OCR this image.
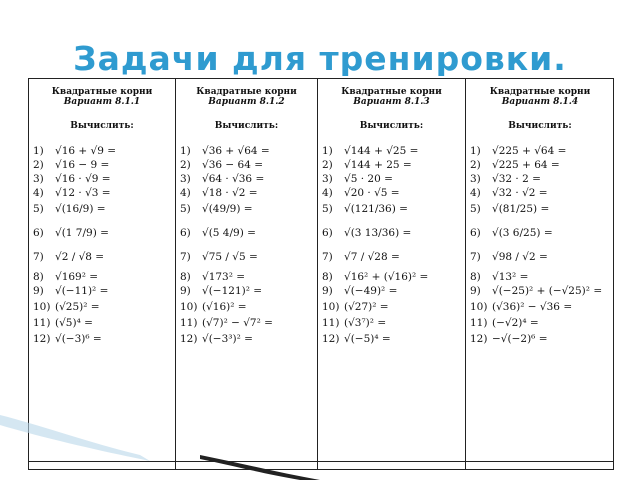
Задачи для тренировки.
Квадратные корни
Вариант 8.1.1
Вычислить:
1) √16 + √9 =
2) √16 − 9 =
3) √16 · √9 =
4) √12 · √3 =
5) √(16/9) =
6) √(1 7/9) =
7) √2 / √8 =
8) √169² =
9) √(−11)² =
10) (√25)² =
11) (√5)⁴ =
12) √(−3)⁶ =
Квадратные корни
Вариант 8.1.2
Вычислить:
1) √36 + √64 =
2) √36 − 64 =
3) √64 · √36 =
4) √18 · √2 =
5) √(49/9) =
6) √(5 4/9) =
7) √75 / √5 =
8) √173² =
9) √(−121)² =
10) (√16)² =
11) (√7)² − √7² =
12) √(−3³)² =
Квадратные корни
Вариант 8.1.3
Вычислить:
1) √144 + √25 =
2) √144 + 25 =
3) √5 · 20 =
4) √20 · √5 =
5) √(121/36) =
6) √(3 13/36) =
7) √7 / √28 =
8) √16² + (√16)² =
9) √(−49)² =
10) (√27)² =
11) (√3⁷)² =
12) √(−5)⁴ =
Квадратные корни
Вариант 8.1.4
Вычислить:
1) √225 + √64 =
2) √225 + 64 =
3) √32 · 2 =
4) √32 · √2 =
5) √(81/25) =
6) √(3 6/25) =
7) √98 / √2 =
8) √13² =
9) √(−25)² + (−√25)² =
10) (√36)² − √36 =
11) (−√2)⁴ =
12) −√(−2)⁶ =
